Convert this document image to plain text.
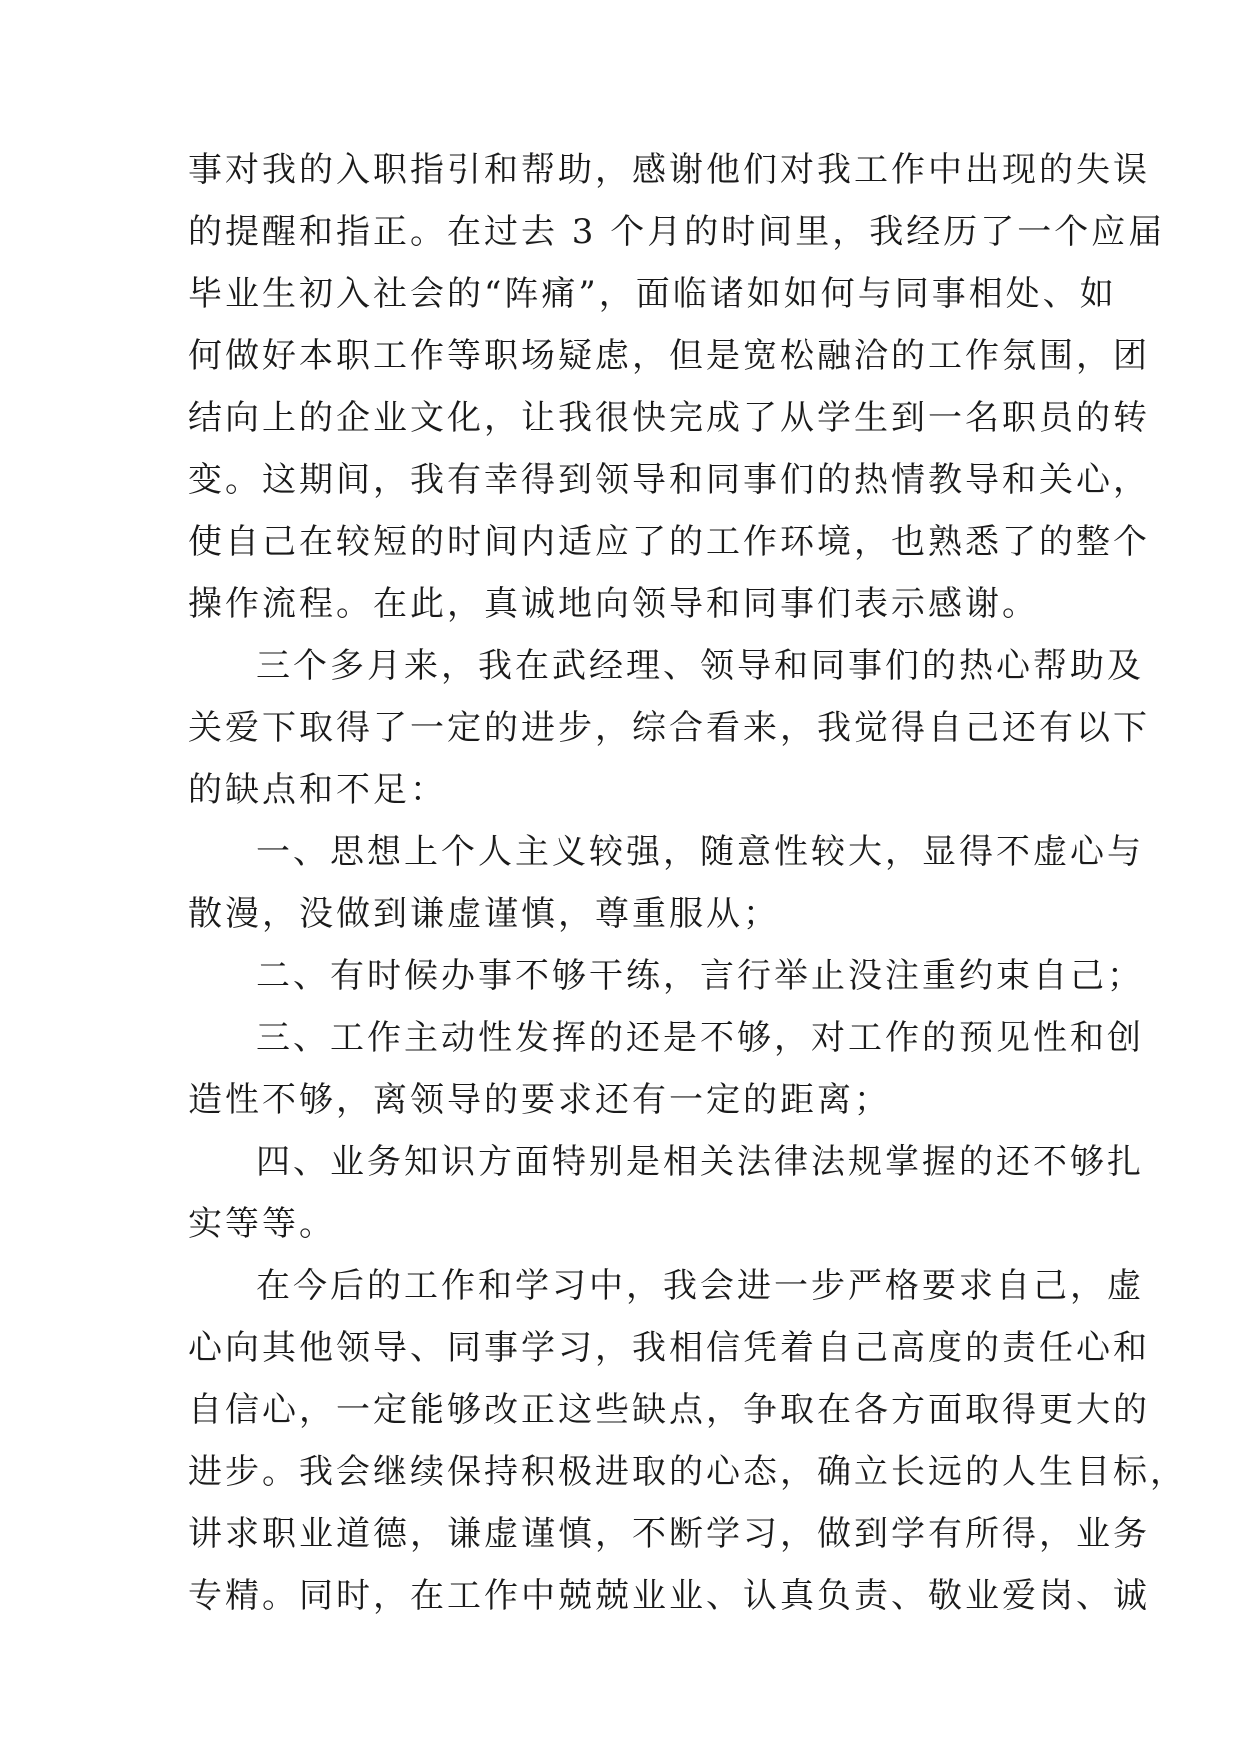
事对我的入职指引和帮助，感谢他们对我工作中出现的失误
的提醒和指正。在过去 3 个月的时间里，我经历了一个应届
毕业生初入社会的“阵痛”，面临诸如如何与同事相处、如
何做好本职工作等职场疑虑，但是宽松融洽的工作氛围，团
结向上的企业文化，让我很快完成了从学生到一名职员的转
变。这期间，我有幸得到领导和同事们的热情教导和关心，
使自己在较短的时间内适应了的工作环境，也熟悉了的整个
操作流程。在此，真诚地向领导和同事们表示感谢。
三个多月来，我在武经理、领导和同事们的热心帮助及
关爱下取得了一定的进步，综合看来，我觉得自己还有以下
的缺点和不足：
一、思想上个人主义较强，随意性较大，显得不虚心与
散漫，没做到谦虚谨慎，尊重服从；
二、有时候办事不够干练，言行举止没注重约束自己；
三、工作主动性发挥的还是不够，对工作的预见性和创
造性不够，离领导的要求还有一定的距离；
四、业务知识方面特别是相关法律法规掌握的还不够扎
实等等。
在今后的工作和学习中，我会进一步严格要求自己，虚
心向其他领导、同事学习，我相信凭着自己高度的责任心和
自信心，一定能够改正这些缺点，争取在各方面取得更大的
进步。我会继续保持积极进取的心态，确立长远的人生目标，
讲求职业道德，谦虚谨慎，不断学习，做到学有所得，业务
专精。同时，在工作中兢兢业业、认真负责、敬业爱岗、诚
